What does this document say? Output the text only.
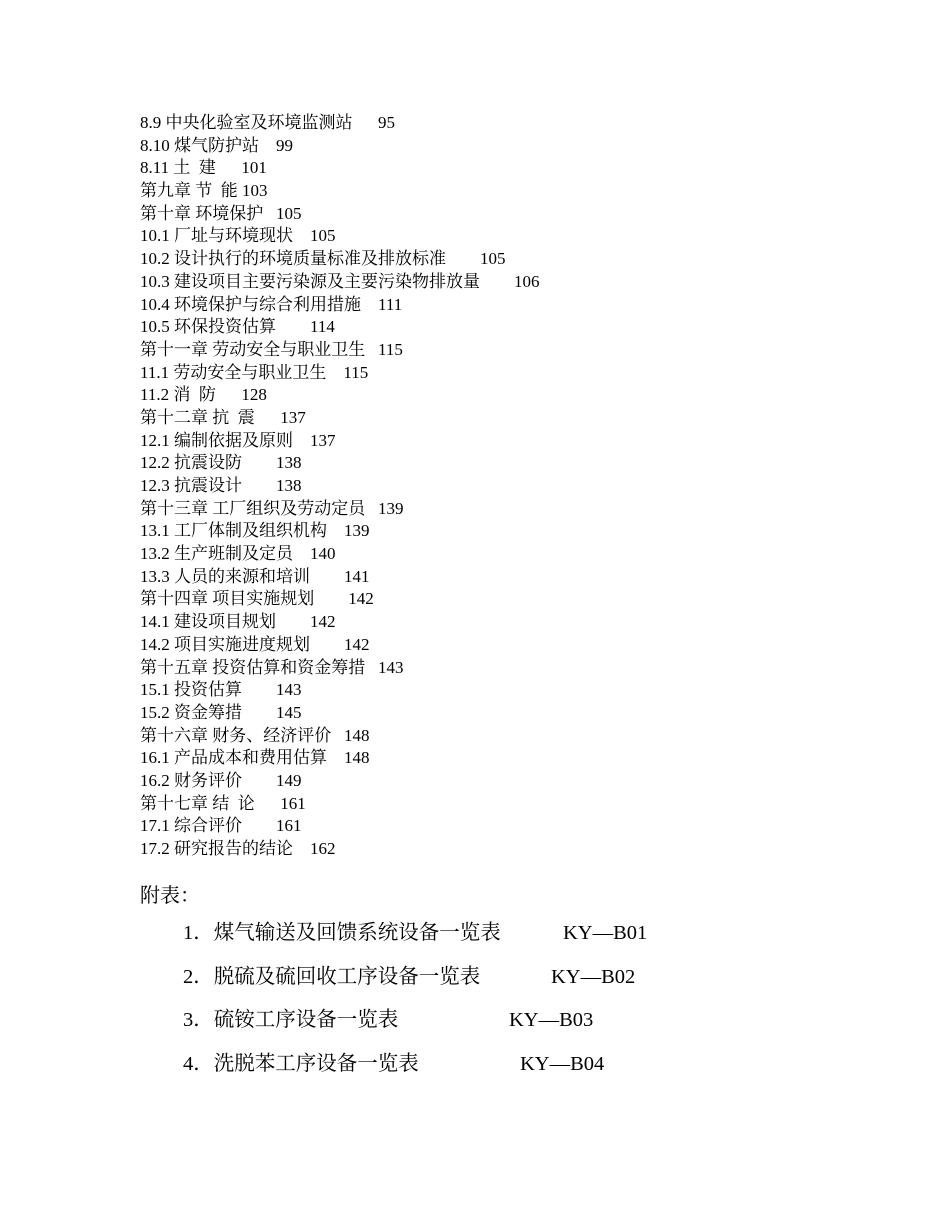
8.9 中央化验室及环境监测站 95
8.10 煤气防护站 99
8.11 土  建 101
第九章 节  能 103
第十章 环境保护 105
10.1 厂址与环境现状 105
10.2 设计执行的环境质量标准及排放标准 105
10.3 建设项目主要污染源及主要污染物排放量 106
10.4 环境保护与综合利用措施 111
10.5 环保投资估算 114
第十一章 劳动安全与职业卫生 115
11.1 劳动安全与职业卫生 115
11.2 消  防 128
第十二章 抗  震 137
12.1 编制依据及原则 137
12.2 抗震设防 138
12.3 抗震设计 138
第十三章 工厂组织及劳动定员 139
13.1 工厂体制及组织机构 139
13.2 生产班制及定员 140
13.3 人员的来源和培训 141
第十四章 项目实施规划 142
14.1 建设项目规划 142
14.2 项目实施进度规划 142
第十五章 投资估算和资金筹措 143
15.1 投资估算 143
15.2 资金筹措 145
第十六章 财务、经济评价 148
16.1 产品成本和费用估算 148
16.2 财务评价 149
第十七章 结  论 161
17.1 综合评价 161
17.2 研究报告的结论 162
附表：
1．煤气输送及回馈系统设备一览表	KY—B01
2．脱硫及硫回收工序设备一览表	KY—B02
3．硫铵工序设备一览表	KY—B03
4．洗脱苯工序设备一览表	KY—B04
